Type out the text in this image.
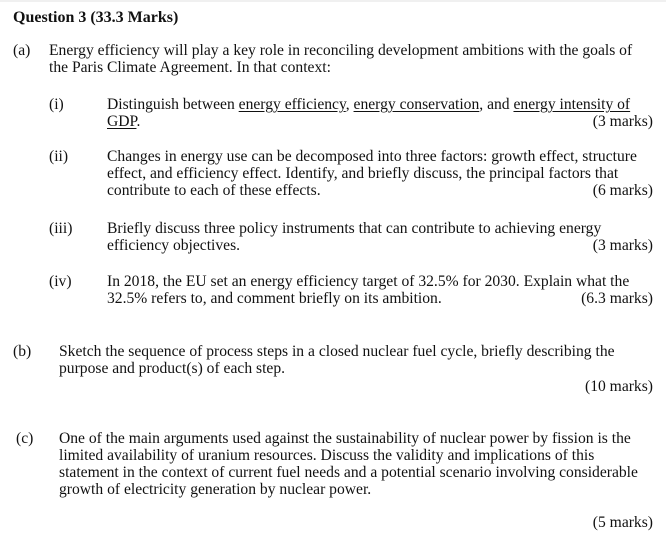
Question 3 (33.3 Marks)
(a) Energy efficiency will play a key role in reconciling development ambitions with the goals of
the Paris Climate Agreement. In that context:
(i)	Distinguish between energy efficiency, energy conservation, and energy intensity of
GDP.	(3 marks)
(ii) Changes in energy use can be decomposed into three factors: growth effect, structure
effect, and efficiency effect. Identify, and briefly discuss, the principal factors that
contribute to each of these effects.	(6 marks)
(iii) Briefly discuss three policy instruments that can contribute to achieving energy
efficiency objectives.	(3 marks)
(iv) In 2018, the EU set an energy efficiency target of 32.5% for 2030. Explain what the
32.5% refers to, and comment briefly on its ambition.	(6.3 marks)
(b) Sketch the sequence of process steps in a closed nuclear fuel cycle, briefly describing the
purpose and product(s) of each step.
(10 marks)
(c) One of the main arguments used against the sustainability of nuclear power by fission is the
limited availability of uranium resources. Discuss the validity and implications of this
statement in the context of current fuel needs and a potential scenario involving considerable
growth of electricity generation by nuclear power.
(5 marks)
